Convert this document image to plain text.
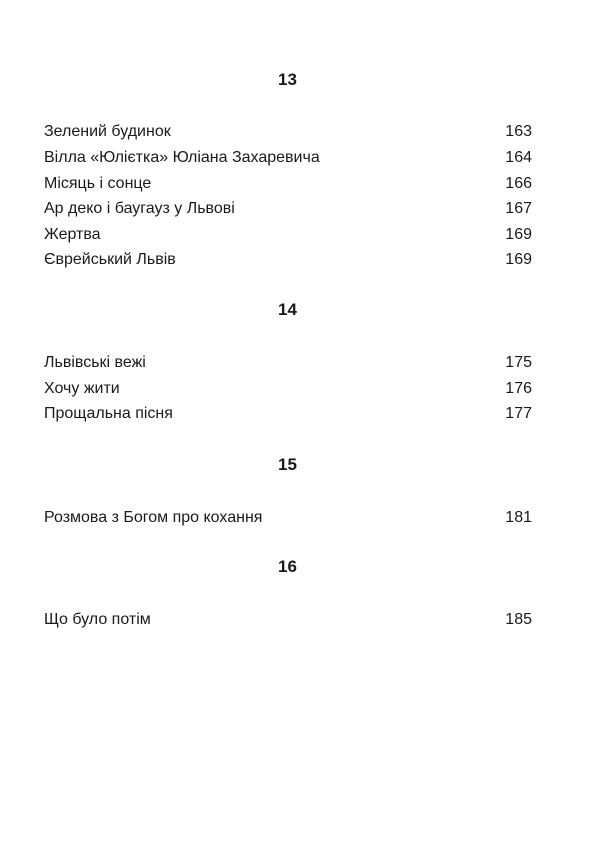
13
Зелений будинок	163
Вілла «Юлієтка» Юліана Захаревича	164
Місяць і сонце	166
Ар деко і баугауз у Львові	167
Жертва	169
Єврейський Львів	169
14
Львівські вежі	175
Хочу жити	176
Прощальна пісня	177
15
Розмова з Богом про кохання	181
16
Що було потім	185
